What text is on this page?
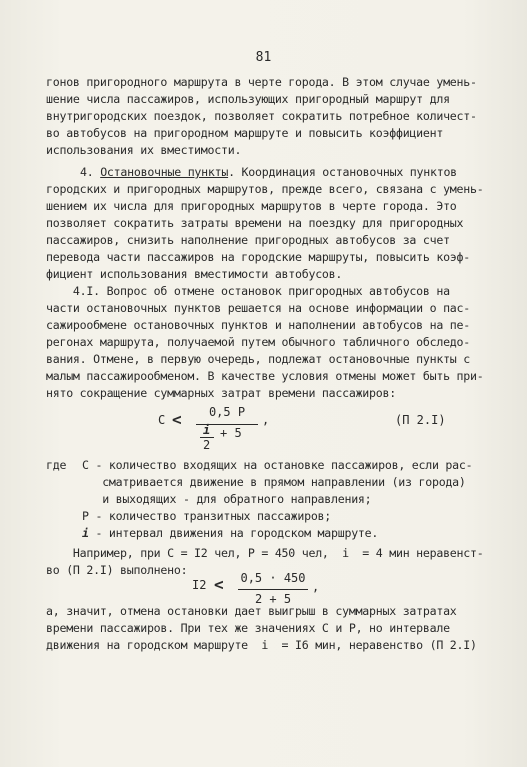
81
гонов пригородного маршрута в черте города. В этом случае умень-
шение числа пассажиров, использующих пригородный маршрут для
внутригородских поездок, позволяет сократить потребное количест-
во автобусов на пригородном маршруте и повысить коэффициент
использования их вместимости.
4. Остановочные пункты. Координация остановочных пунктов
городских и пригородных маршрутов, прежде всего, связана с умень-
шением их числа для пригородных маршрутов в черте города. Это
позволяет сократить затраты времени на поездку для пригородных
пассажиров, снизить наполнение пригородных автобусов за счет
перевода части пассажиров на городские маршруты, повысить коэф-
фициент использования вместимости автобусов.
4.I. Вопрос об отмене остановок пригородных автобусов на
части остановочных пунктов решается на основе информации о пас-
сажирообмене остановочных пунктов и наполнении автобусов на пе-
регонах маршрута, получаемой путем обычного табличного обследо-
вания. Отмене, в первую очередь, подлежат остановочные пункты с
малым пассажирообменом. В качестве условия отмены может быть при-
нято сокращение суммарных затрат времени пассажиров:
C <	0,5 P
i
2
+ 5
,	(П 2.I)
где C - количество входящих на остановке пассажиров, если рас-
сматривается движение в прямом направлении (из города)
и выходящих - для обратного направления;
P - количество транзитных пассажиров;
i - интервал движения на городском маршруте.
Например, при C = I2 чел, P = 450 чел,  i  = 4 мин неравенст-
во (П 2.I) выполнено:
I2 < 0,5 · 450
2 + 5
,
а, значит, отмена остановки дает выигрыш в суммарных затратах
времени пассажиров. При тех же значениях C и P, но интервале
движения на городском маршруте  i  = I6 мин, неравенство (П 2.I)
